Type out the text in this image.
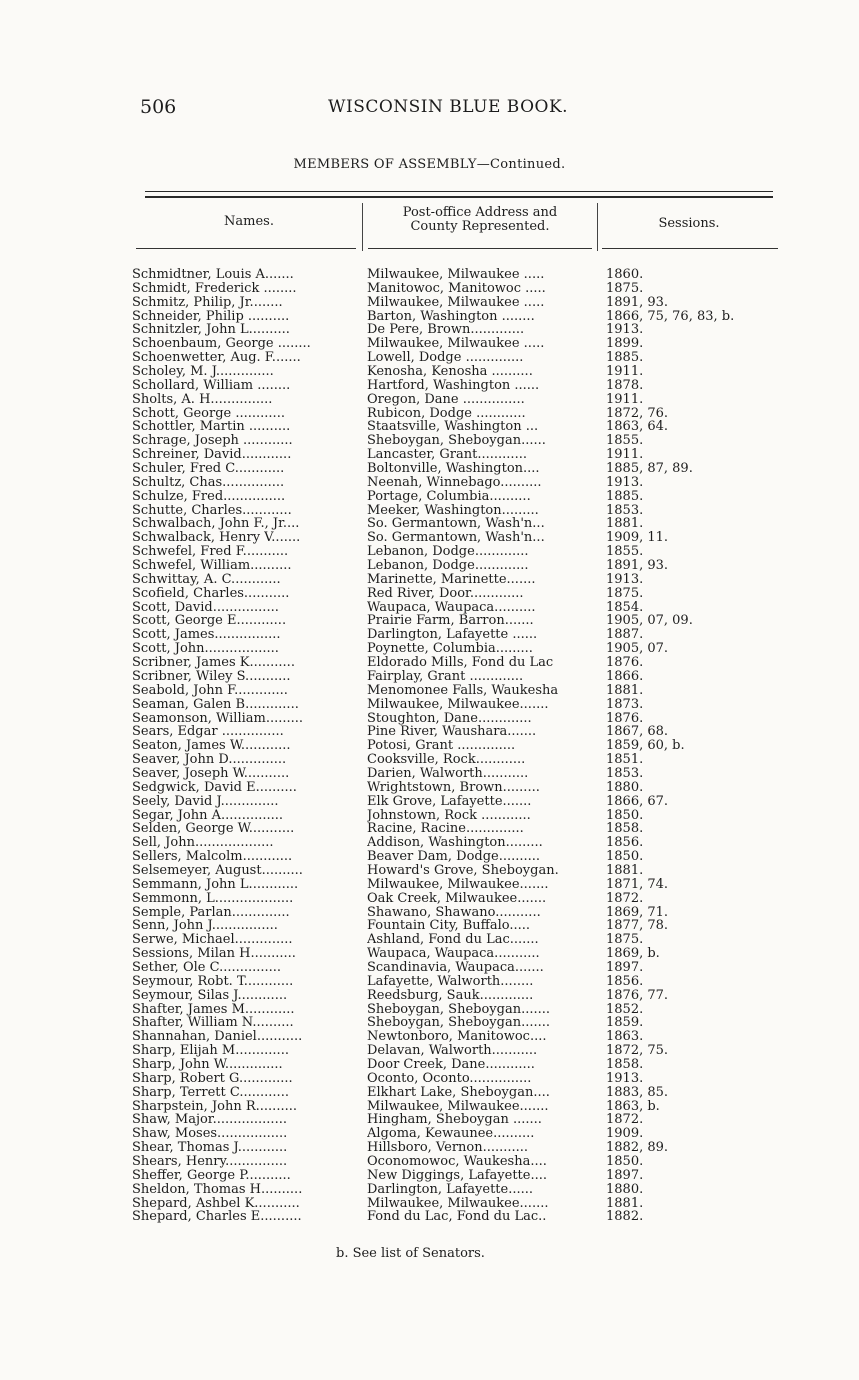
506	WISCONSIN BLUE BOOK.
MEMBERS OF ASSEMBLY—Continued.
Names.
Post-office Address and
County Represented.	Sessions.
Schmidtner, Louis A.......	Milwaukee, Milwaukee .....	1860.
Schmidt, Frederick ........	Manitowoc, Manitowoc .....	1875.
Schmitz, Philip, Jr........	Milwaukee, Milwaukee .....	1891, 93.
Schneider, Philip ..........	Barton, Washington ........	1866, 75, 76, 83, b.
Schnitzler, John L..........	De Pere, Brown.............	1913.
Schoenbaum, George ........	Milwaukee, Milwaukee .....	1899.
Schoenwetter, Aug. F.......	Lowell, Dodge ..............	1885.
Scholey, M. J..............	Kenosha, Kenosha ..........	1911.
Schollard, William ........	Hartford, Washington ......	1878.
Sholts, A. H...............	Oregon, Dane ...............	1911.
Schott, George ............	Rubicon, Dodge ............	1872, 76.
Schottler, Martin ..........	Staatsville, Washington ...	1863, 64.
Schrage, Joseph ............	Sheboygan, Sheboygan......	1855.
Schreiner, David............	Lancaster, Grant............	1911.
Schuler, Fred C............	Boltonville, Washington....	1885, 87, 89.
Schultz, Chas...............	Neenah, Winnebago..........	1913.
Schulze, Fred...............	Portage, Columbia..........	1885.
Schutte, Charles............	Meeker, Washington.........	1853.
Schwalbach, John F., Jr....	So. Germantown, Wash'n...	1881.
Schwalback, Henry V.......	So. Germantown, Wash'n...	1909, 11.
Schwefel, Fred F...........	Lebanon, Dodge.............	1855.
Schwefel, William..........	Lebanon, Dodge.............	1891, 93.
Schwittay, A. C............	Marinette, Marinette.......	1913.
Scofield, Charles...........	Red River, Door.............	1875.
Scott, David................	Waupaca, Waupaca..........	1854.
Scott, George E............	Prairie Farm, Barron.......	1905, 07, 09.
Scott, James................	Darlington, Lafayette ......	1887.
Scott, John..................	Poynette, Columbia.........	1905, 07.
Scribner, James K...........	Eldorado Mills, Fond du Lac	1876.
Scribner, Wiley S...........	Fairplay, Grant .............	1866.
Seabold, John F.............	Menomonee Falls, Waukesha	1881.
Seaman, Galen B.............	Milwaukee, Milwaukee.......	1873.
Seamonson, William.........	Stoughton, Dane.............	1876.
Sears, Edgar ...............	Pine River, Waushara.......	1867, 68.
Seaton, James W............	Potosi, Grant ..............	1859, 60, b.
Seaver, John D..............	Cooksville, Rock............	1851.
Seaver, Joseph W...........	Darien, Walworth...........	1853.
Sedgwick, David E..........	Wrightstown, Brown.........	1880.
Seely, David J..............	Elk Grove, Lafayette.......	1866, 67.
Segar, John A...............	Johnstown, Rock ............	1850.
Selden, George W...........	Racine, Racine..............	1858.
Sell, John...................	Addison, Washington.........	1856.
Sellers, Malcolm............	Beaver Dam, Dodge..........	1850.
Selsemeyer, August..........	Howard's Grove, Sheboygan.	1881.
Semmann, John L............	Milwaukee, Milwaukee.......	1871, 74.
Semmonn, L...................	Oak Creek, Milwaukee.......	1872.
Semple, Parlan..............	Shawano, Shawano...........	1869, 71.
Senn, John J................	Fountain City, Buffalo.....	1877, 78.
Serwe, Michael..............	Ashland, Fond du Lac.......	1875.
Sessions, Milan H...........	Waupaca, Waupaca...........	1869, b.
Sether, Ole C...............	Scandinavia, Waupaca.......	1897.
Seymour, Robt. T............	Lafayette, Walworth........	1856.
Seymour, Silas J............	Reedsburg, Sauk.............	1876, 77.
Shafter, James M............	Sheboygan, Sheboygan.......	1852.
Shafter, William N..........	Sheboygan, Sheboygan.......	1859.
Shannahan, Daniel...........	Newtonboro, Manitowoc....	1863.
Sharp, Elijah M.............	Delavan, Walworth...........	1872, 75.
Sharp, John W..............	Door Creek, Dane............	1858.
Sharp, Robert G.............	Oconto, Oconto...............	1913.
Sharp, Terrett C............	Elkhart Lake, Sheboygan....	1883, 85.
Sharpstein, John R..........	Milwaukee, Milwaukee.......	1863, b.
Shaw, Major..................	Hingham, Sheboygan .......	1872.
Shaw, Moses.................	Algoma, Kewaunee..........	1909.
Shear, Thomas J............	Hillsboro, Vernon...........	1882, 89.
Shears, Henry...............	Oconomowoc, Waukesha....	1850.
Sheffer, George P...........	New Diggings, Lafayette....	1897.
Sheldon, Thomas H..........	Darlington, Lafayette......	1880.
Shepard, Ashbel K...........	Milwaukee, Milwaukee.......	1881.
Shepard, Charles E..........	Fond du Lac, Fond du Lac..	1882.
b. See list of Senators.
